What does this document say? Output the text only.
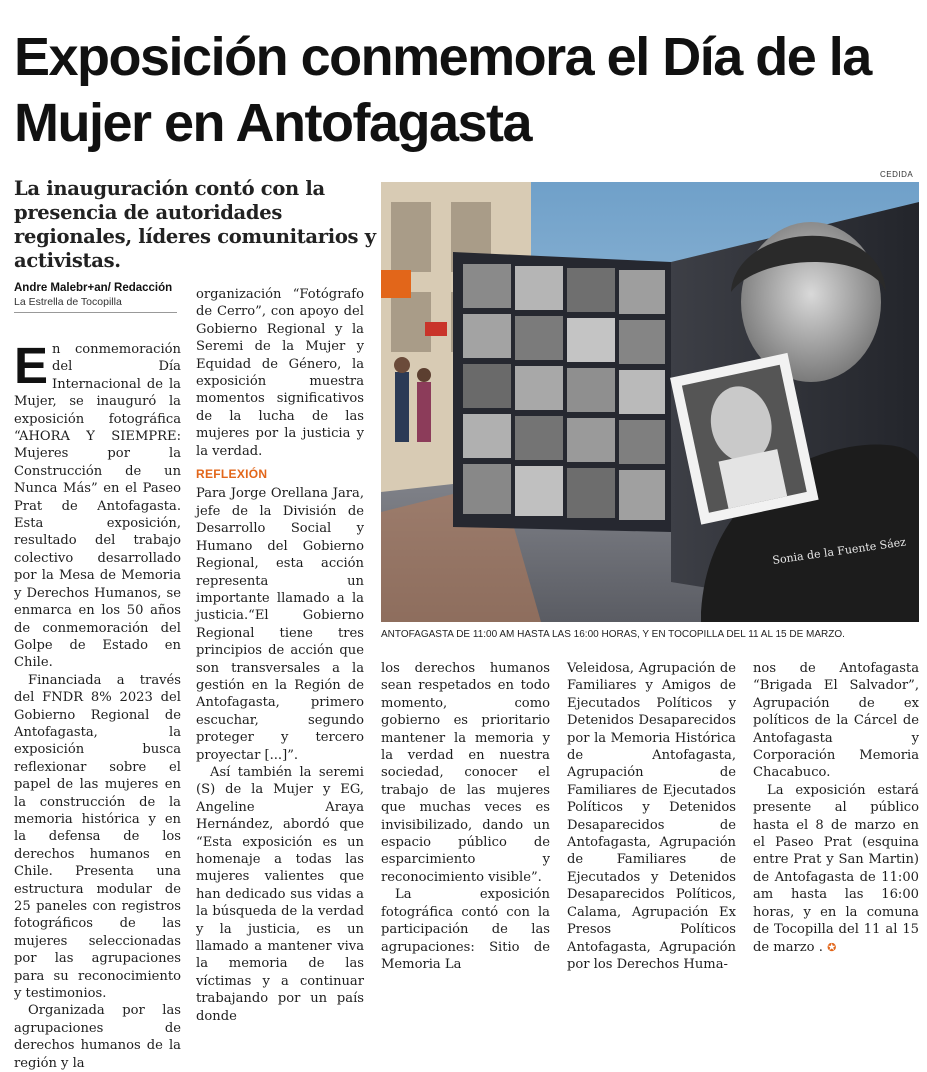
Exposición conmemora el Día de la Mujer en Antofagasta
La inauguración contó con la presencia de autoridades regionales, líderes comunitarios y activistas.
CEDIDA
Sonia de la Fuente Sáez

ANTOFAGASTA DE 11:00 AM HASTA LAS 16:00 HORAS, Y EN TOCOPILLA DEL 11 AL 15 DE MARZO.

Andre Malebr+an/ Redacción
La Estrella de Tocopilla

En conmemoración del Día Internacional de la Mujer, se inauguró la exposición fotográfica “AHORA Y SIEMPRE: Mujeres por la Construcción de un Nunca Más” en el Paseo Prat de Antofagasta. Esta exposición, resultado del trabajo colectivo desarrollado por la Mesa de Memoria y Derechos Humanos, se enmarca en los 50 años de conmemoración del Golpe de Estado en Chile.

Financiada a través del FNDR 8% 2023 del Gobierno Regional de Antofagasta, la exposición busca reflexionar sobre el papel de las mujeres en la construcción de la memoria histórica y en la defensa de los derechos humanos en Chile. Presenta una estructura modular de 25 paneles con registros fotográficos de las mujeres seleccionadas por las agrupaciones para su reconocimiento y testimonios.

Organizada por las agrupaciones de derechos humanos de la región y la

organización “Fotógrafo de Cerro”, con apoyo del Gobierno Regional y la Seremi de la Mujer y Equidad de Género, la exposición muestra momentos significativos de la lucha de las mujeres por la justicia y la verdad.

REFLEXIÓN

Para Jorge Orellana Jara, jefe de la División de Desarrollo Social y Humano del Gobierno Regional, esta acción representa un importante llamado a la justicia.“El Gobierno Regional tiene tres principios de acción que son transversales a la gestión en la Región de Antofagasta, primero escuchar, segundo proteger y tercero proyectar [...]”.

Así también la seremi (S) de la Mujer y EG, Angeline Araya Hernández, abordó que “Esta exposición es un homenaje a todas las mujeres valientes que han dedicado sus vidas a la búsqueda de la verdad y la justicia, es un llamado a mantener viva la memoria de las víctimas y a continuar trabajando por un país donde

los derechos humanos sean respetados en todo momento, como gobierno es prioritario mantener la memoria y la verdad en nuestra sociedad, conocer el trabajo de las mujeres que muchas veces es invisibilizado, dando un espacio público de esparcimiento y reconocimiento visible”.

La exposición fotográfica contó con la participación de las agrupaciones: Sitio de Memoria La

Veleidosa, Agrupación de Familiares y Amigos de Ejecutados Políticos y Detenidos Desaparecidos por la Memoria Histórica de Antofagasta, Agrupación de Familiares de Ejecutados Políticos y Detenidos Desaparecidos de Antofagasta, Agrupación de Familiares de Ejecutados y Detenidos Desaparecidos Políticos, Calama, Agrupación Ex Presos Políticos Antofagasta, Agrupación por los Derechos Huma-

nos de Antofagasta “Brigada El Salvador”, Agrupación de ex políticos de la Cárcel de Antofagasta y Corporación Memoria Chacabuco.

La exposición estará presente al público hasta el 8 de marzo en el Paseo Prat (esquina entre Prat y San Martin) de Antofagasta de 11:00 am hasta las 16:00 horas, y en la comuna de Tocopilla del 11 al 15 de marzo . ✪
